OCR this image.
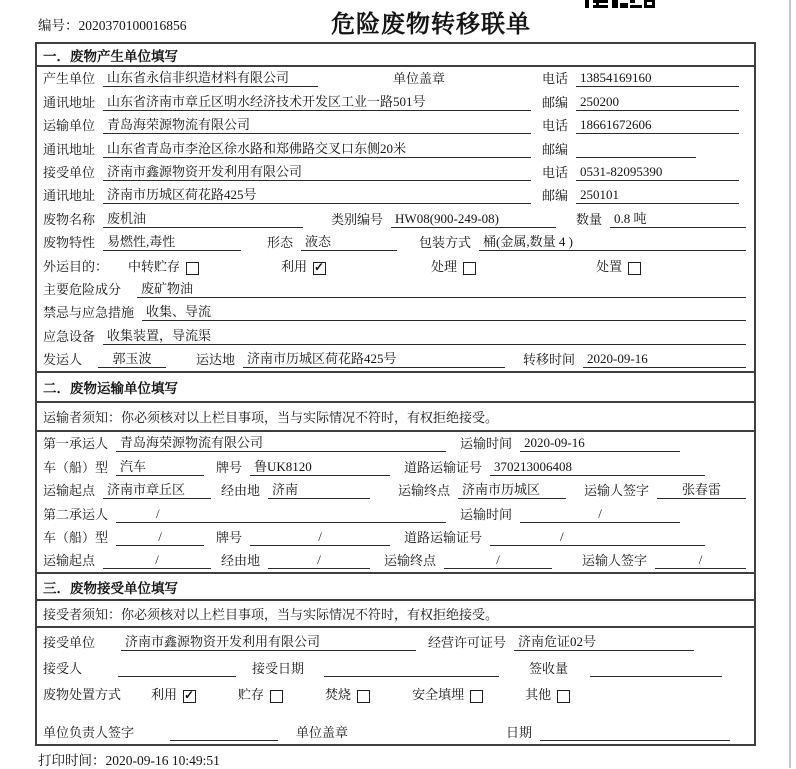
编号：2020370100016856	危险废物转移联单
一．废物产生单位填写
产生单位 山东省永信非织造材料有限公司	单位盖章	电话 13854169160
通讯地址 山东省济南市章丘区明水经济技术开发区工业一路501号	邮编 250200
运输单位 青岛海荣源物流有限公司	电话 18661672606
通讯地址 山东省青岛市李沧区徐水路和郑佛路交叉口东侧20米	邮编
接受单位 济南市鑫源物资开发利用有限公司	电话 0531-82095390
通讯地址 济南市历城区荷花路425号	邮编 250101
废物名称 废机油	类别编号 HW08(900-249-08)	数量 0.8 吨
废物特性 易燃性,毒性	形态 液态	包装方式 桶(金属,数量 4 )
外运目的： 中转贮存	利用 ✓	处理	处置
主要危险成分	废矿物油
禁忌与应急措施 收集、导流
应急设备 收集装置，导流渠
发运人	郭玉波	运达地 济南市历城区荷花路425号	转移时间 2020-09-16
二．废物运输单位填写
运输者须知： 你必须核对以上栏目事项，当与实际情况不符时，有权拒绝接受。
第一承运人 青岛海荣源物流有限公司	运输时间 2020-09-16
车（船）型 汽车	牌号 鲁UK8120	道路运输证号 370213006408
运输起点 济南市章丘区	经由地 济南	运输终点 济南市历城区	运输人签字	张春雷
第二承运人	/	运输时间	/
车（船）型	/	牌号	/	道路运输证号	/
运输起点	/	经由地	/	运输终点	/	运输人签字	/
三．废物接受单位填写
接受者须知： 你必须核对以上栏目事项，当与实际情况不符时，有权拒绝接受。
接受单位	济南市鑫源物资开发利用有限公司	经营许可证号 济南危证02号
接受人	接受日期	签收量
废物处置方式 利用 ✓	贮存	焚烧	安全填埋	其他
单位负责人签字	单位盖章	日期
打印时间：2020-09-16 10:49:51
